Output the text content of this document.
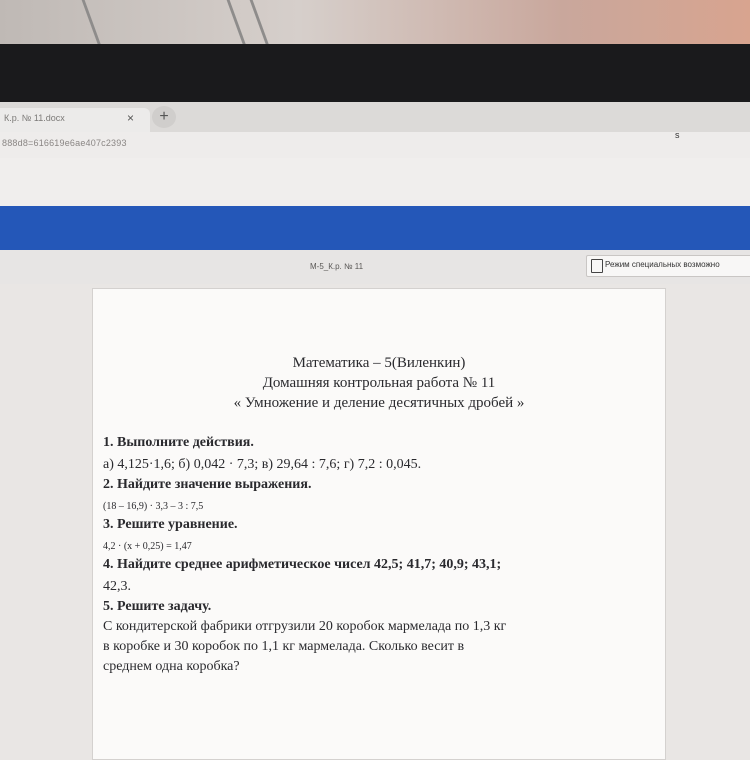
К.р. № 11.docx	×	+
888d8=616619e6ae407c2393
s
М-5_К.р. № 11	Режим специальных возможно
Математика – 5(Виленкин)
Домашняя контрольная работа № 11
« Умножение и деление десятичных дробей »
1. Выполните действия.
а) 4,125·1,6; б) 0,042 · 7,3; в) 29,64 : 7,6; г) 7,2 : 0,045.
2. Найдите значение выражения.
(18 – 16,9) · 3,3 – 3 : 7,5
3. Решите уравнение.
4,2 · (x + 0,25) = 1,47
4. Найдите среднее арифметическое чисел 42,5; 41,7; 40,9; 43,1;
42,3.
5. Решите задачу.
С кондитерской фабрики отгрузили 20 коробок мармелада по 1,3 кг
в коробке и 30 коробок по 1,1 кг мармелада. Сколько весит в
среднем одна коробка?
